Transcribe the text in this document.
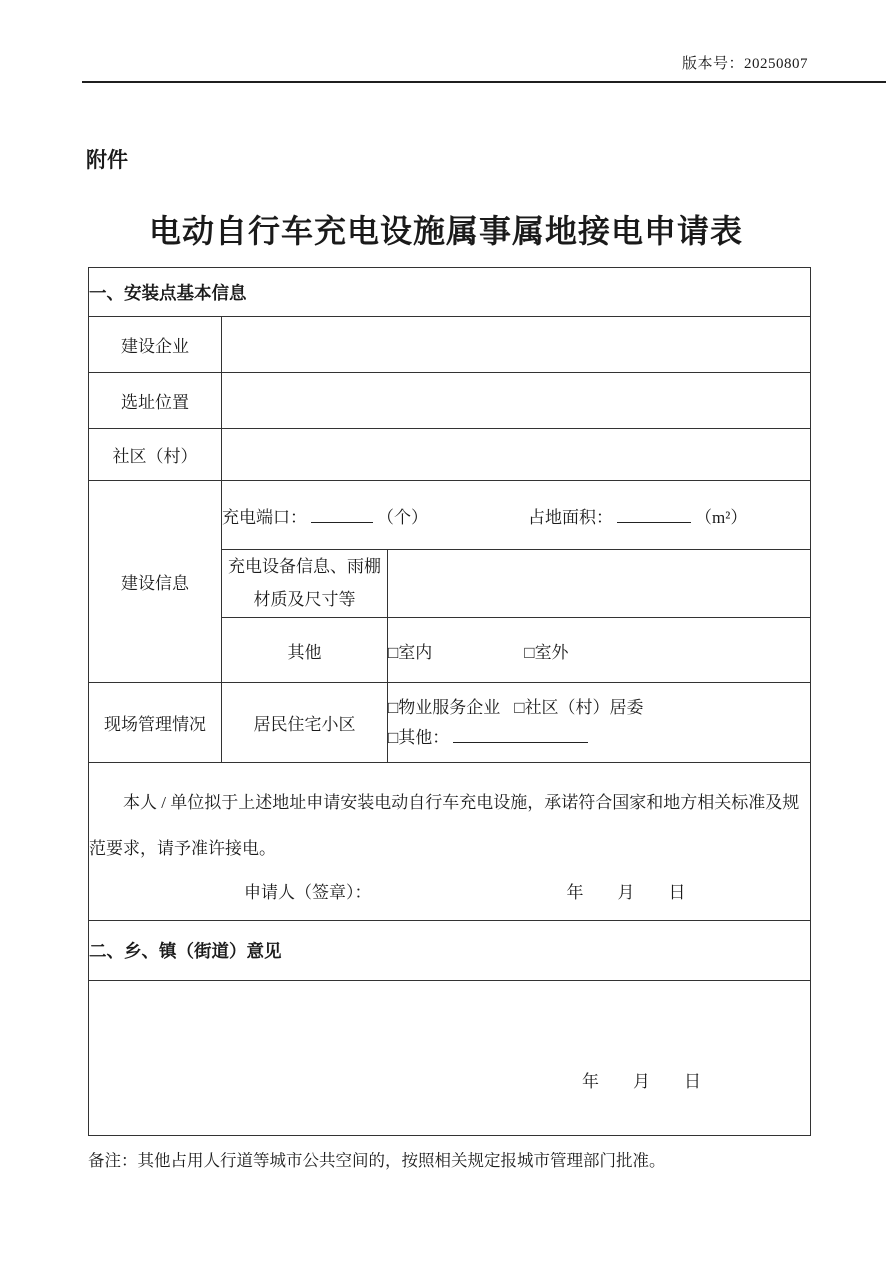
版本号：20250807
附件
电动自行车充电设施属事属地接电申请表
一、安装点基本信息		
建设企业		
选址位置		
社区（村）		
建设信息	充电端口： （个） 占地面积： （m²）	
	充电设备信息、雨棚材质及尺寸等	
	其他	□室内 □室外
现场管理情况	居民住宅小区	□物业服务企业 □社区（村）居委
□其他：

本人 / 单位拟于上述地址申请安装电动自行车充电设施，承诺符合国家和地方相关标准及规范要求，请予准许接电。

申请人（签章）： 年　　月　　日		

二、乡、镇（街道）意见		

年　　月　　日		
备注：其他占用人行道等城市公共空间的，按照相关规定报城市管理部门批准。
